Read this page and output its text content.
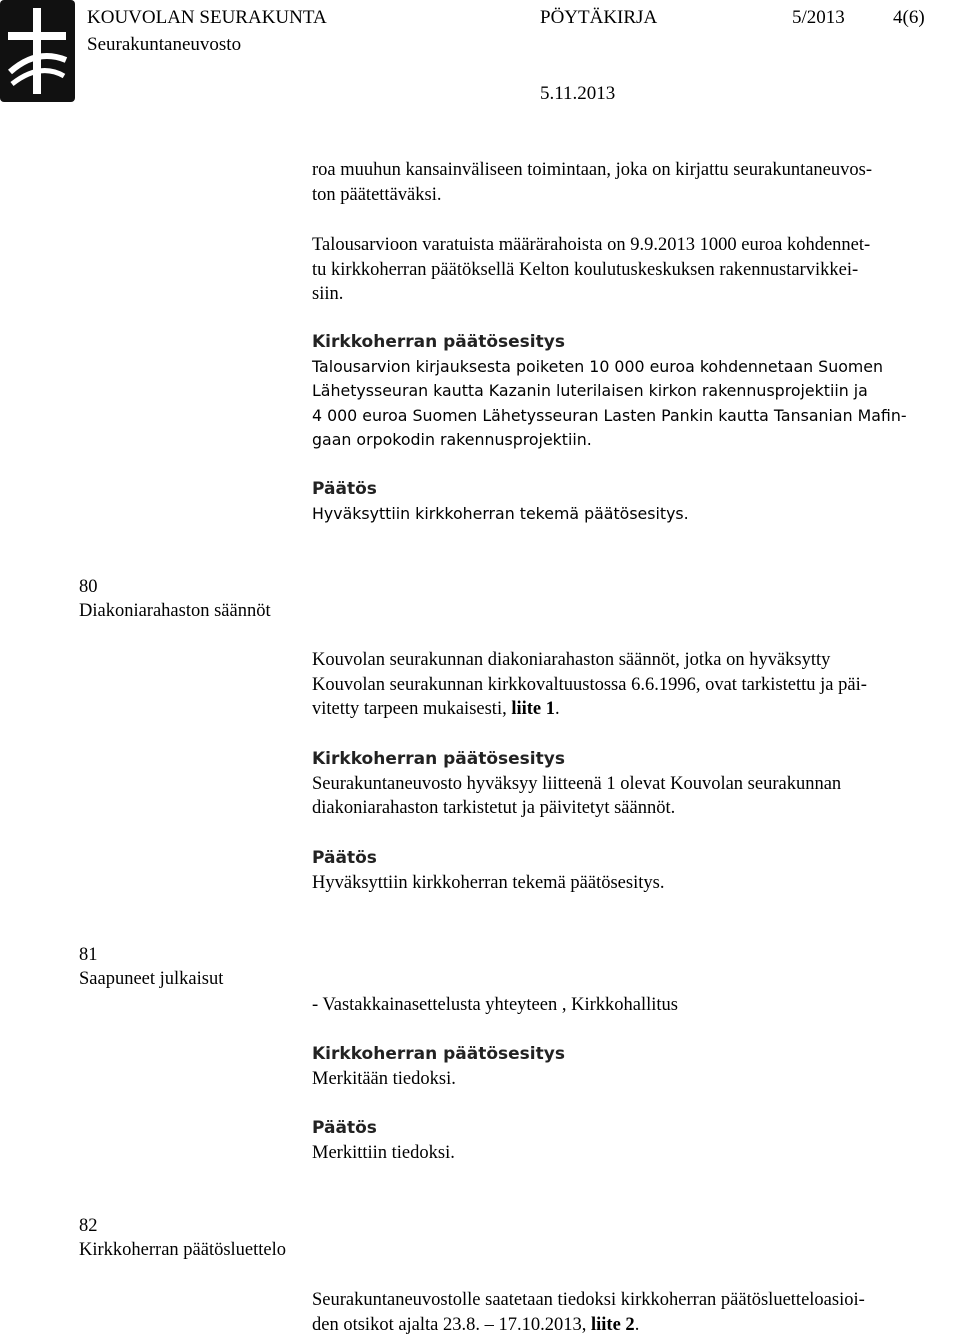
KOUVOLAN SEURAKUNTA	PÖYTÄKIRJA	5/2013	4(6)
Seurakuntaneuvosto
5.11.2013

roa muuhun kansainväliseen toimintaan, joka on kirjattu seurakuntaneuvos-

ton päätettäväksi.

Talousarvioon varatuista määrärahoista on 9.9.2013 1000 euroa kohdennet-

tu kirkkoherran päätöksellä Kelton koulutuskeskuksen rakennustarvikkei-

siin.

Kirkkoherran päätösesitys

Talousarvion kirjauksesta poiketen 10 000 euroa kohdennetaan Suomen

Lähetysseuran kautta Kazanin luterilaisen kirkon rakennusprojektiin ja

4 000 euroa Suomen Lähetysseuran Lasten Pankin kautta Tansanian Mafin-

gaan orpokodin rakennusprojektiin.

Päätös

Hyväksyttiin kirkkoherran tekemä päätösesitys.

80
Diakoniarahaston säännöt

Kouvolan seurakunnan diakoniarahaston säännöt, jotka on hyväksytty

Kouvolan seurakunnan kirkkovaltuustossa 6.6.1996, ovat tarkistettu ja päi-

vitetty tarpeen mukaisesti, liite 1.

Kirkkoherran päätösesitys

Seurakuntaneuvosto hyväksyy liitteenä 1 olevat Kouvolan seurakunnan

diakoniarahaston tarkistetut ja päivitetyt säännöt.

Päätös

Hyväksyttiin kirkkoherran tekemä päätösesitys.

81
Saapuneet julkaisut

- Vastakkainasettelusta yhteyteen , Kirkkohallitus

Kirkkoherran päätösesitys

Merkitään tiedoksi.

Päätös

Merkittiin tiedoksi.

82
Kirkkoherran päätösluettelo

Seurakuntaneuvostolle saatetaan tiedoksi kirkkoherran päätösluetteloasioi-

den otsikot ajalta 23.8. – 17.10.2013, liite 2.
